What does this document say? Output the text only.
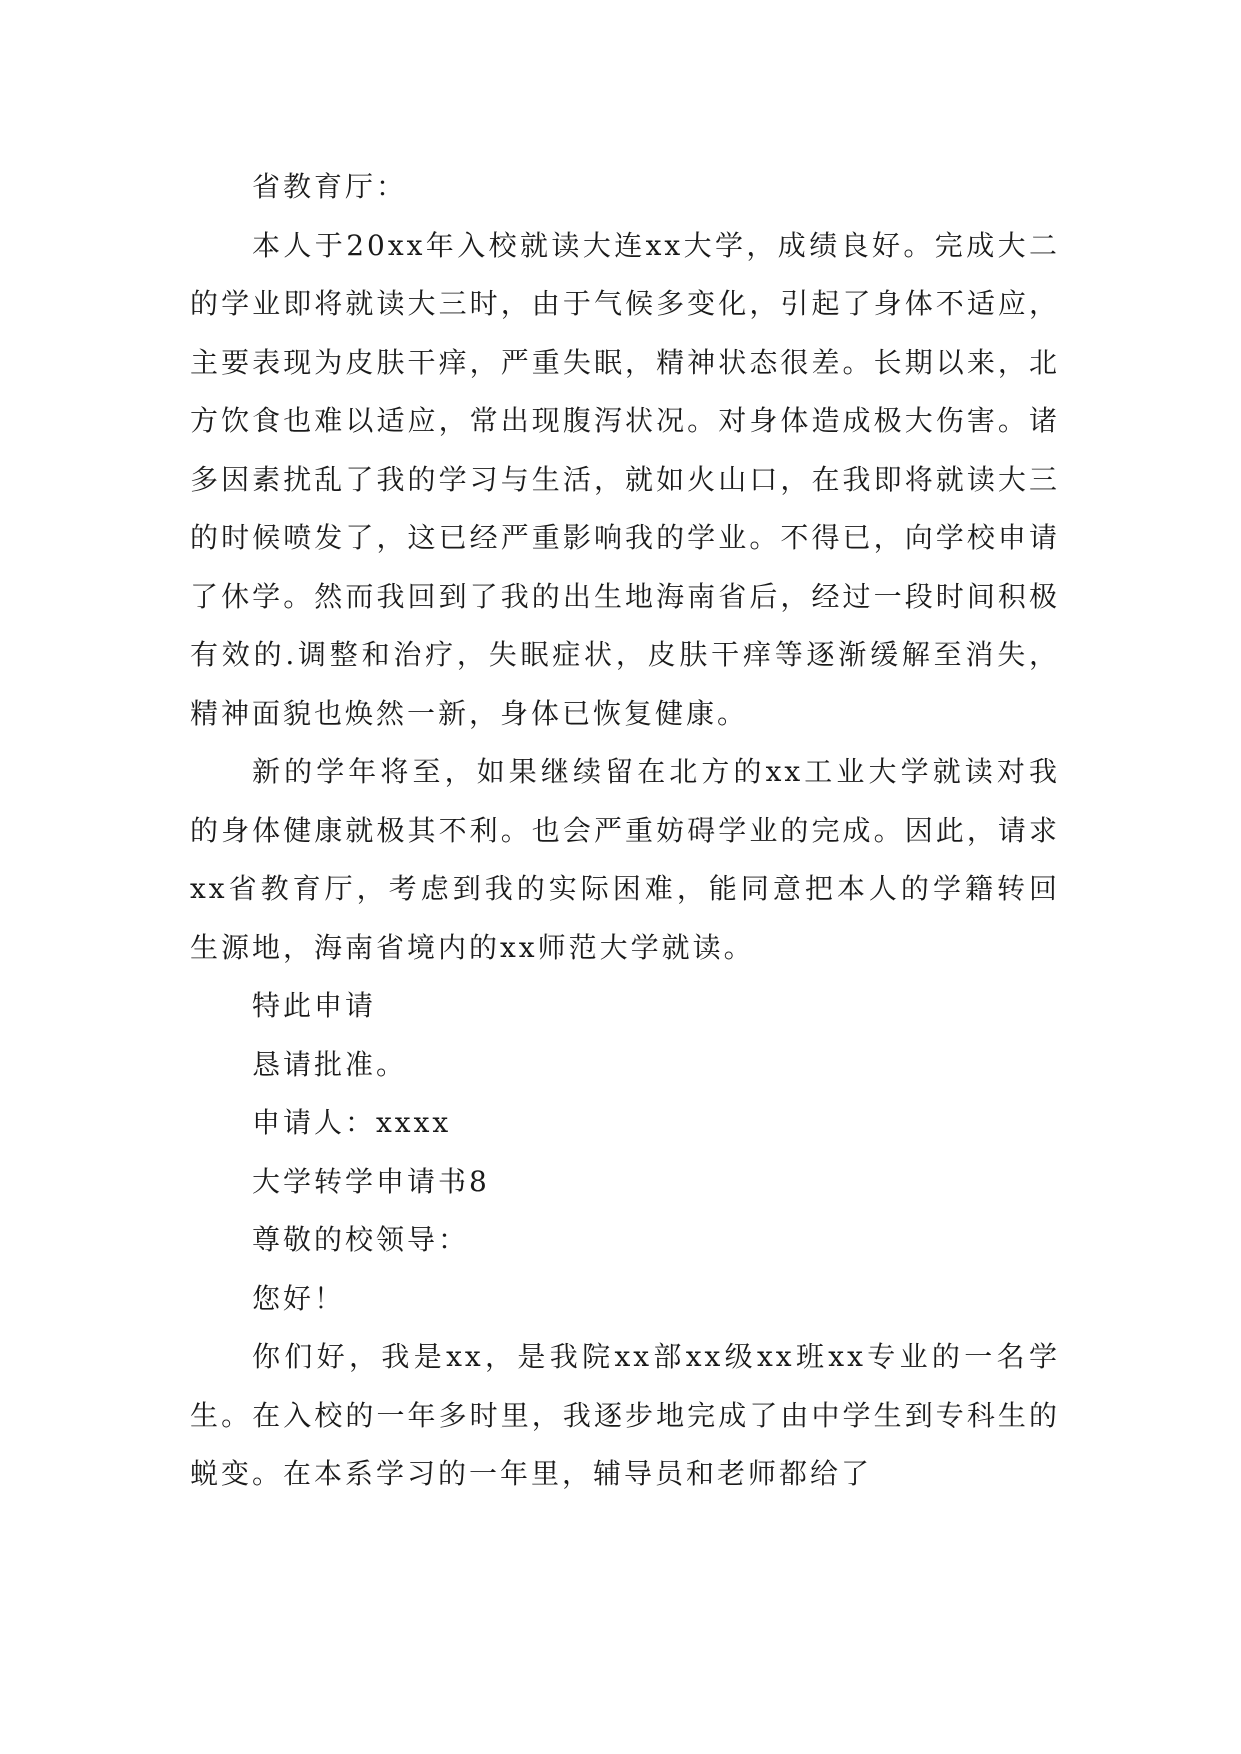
省教育厅：

本人于20xx年入校就读大连xx大学，成绩良好。完成大二的学业即将就读大三时，由于气候多变化，引起了身体不适应，主要表现为皮肤干痒，严重失眠，精神状态很差。长期以来，北方饮食也难以适应，常出现腹泻状况。对身体造成极大伤害。诸多因素扰乱了我的学习与生活，就如火山口，在我即将就读大三的时候喷发了，这已经严重影响我的学业。不得已，向学校申请了休学。然而我回到了我的出生地海南省后，经过一段时间积极有效的.调整和治疗，失眠症状，皮肤干痒等逐渐缓解至消失，精神面貌也焕然一新，身体已恢复健康。

新的学年将至，如果继续留在北方的xx工业大学就读对我的身体健康就极其不利。也会严重妨碍学业的完成。因此，请求xx省教育厅，考虑到我的实际困难，能同意把本人的学籍转回生源地，海南省境内的xx师范大学就读。

特此申请

恳请批准。

申请人：xxxx

大学转学申请书8

尊敬的校领导：

您好！

你们好，我是xx，是我院xx部xx级xx班xx专业的一名学生。在入校的一年多时里，我逐步地完成了由中学生到专科生的蜕变。在本系学习的一年里，辅导员和老师都给了
